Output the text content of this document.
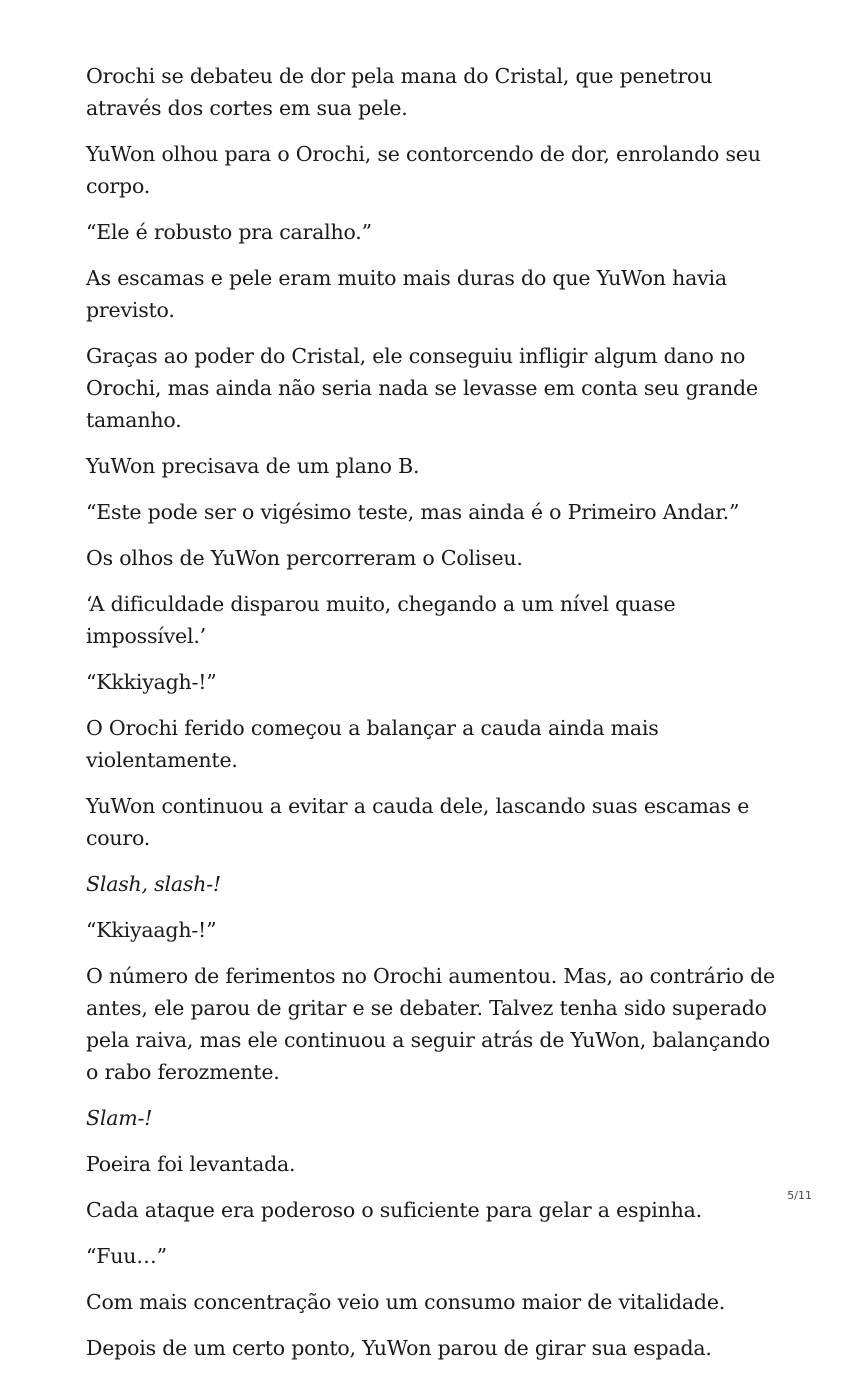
Orochi se debateu de dor pela mana do Cristal, que penetrou através dos cortes em sua pele.

YuWon olhou para o Orochi, se contorcendo de dor, enrolando seu corpo.

“Ele é robusto pra caralho.”

As escamas e pele eram muito mais duras do que YuWon havia previsto.

Graças ao poder do Cristal, ele conseguiu infligir algum dano no Orochi, mas ainda não seria nada se levasse em conta seu grande tamanho.

YuWon precisava de um plano B.

“Este pode ser o vigésimo teste, mas ainda é o Primeiro Andar.”

Os olhos de YuWon percorreram o Coliseu.

‘A dificuldade disparou muito, chegando a um nível quase impossível.’

“Kkkiyagh-!”

O Orochi ferido começou a balançar a cauda ainda mais violentamente.

YuWon continuou a evitar a cauda dele, lascando suas escamas e couro.

Slash, slash-!

“Kkiyaagh-!”

O número de ferimentos no Orochi aumentou. Mas, ao contrário de antes, ele parou de gritar e se debater. Talvez tenha sido superado pela raiva, mas ele continuou a seguir atrás de YuWon, balançando o rabo ferozmente.

Slam-!

Poeira foi levantada.

Cada ataque era poderoso o suficiente para gelar a espinha.

“Fuu…”

Com mais concentração veio um consumo maior de vitalidade.

Depois de um certo ponto, YuWon parou de girar sua espada.

5/11
